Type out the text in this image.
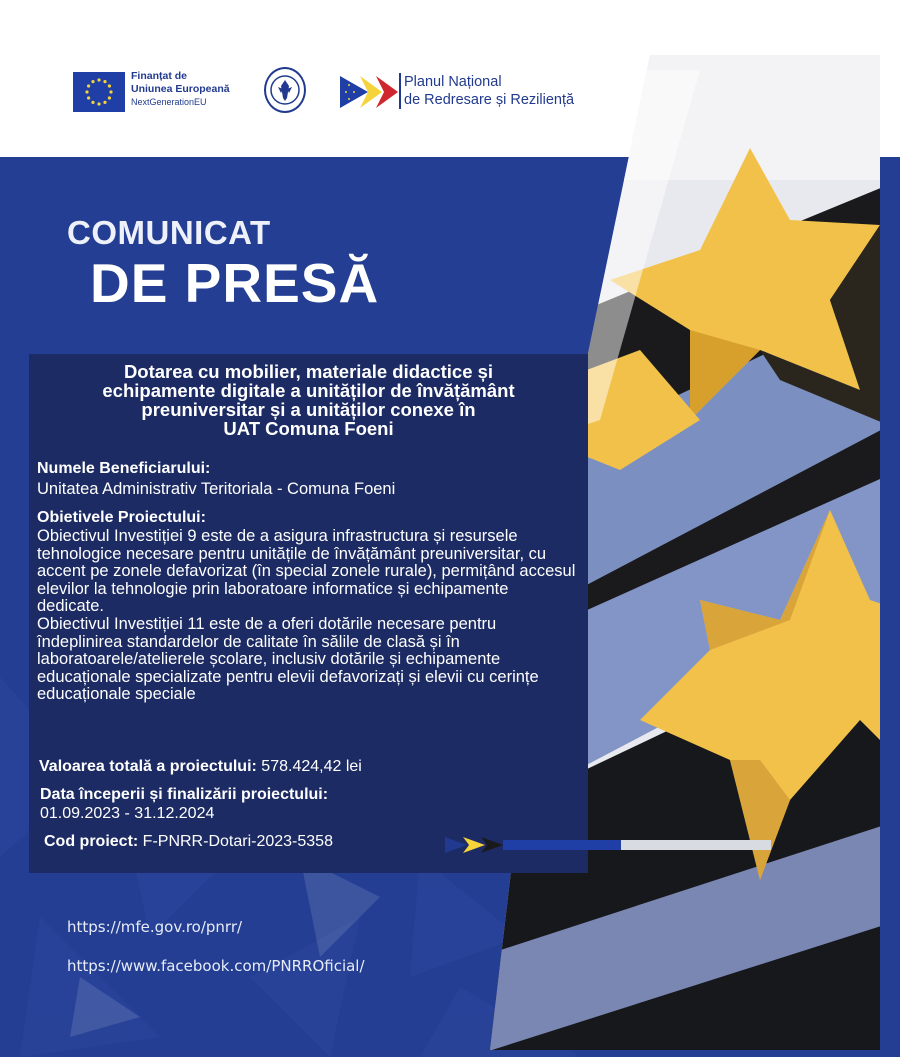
Finanțat de
Uniunea Europeană
NextGenerationEU
Planul Național
de Redresare și Reziliență
COMUNICAT
DE PRESĂ
Dotarea cu mobilier, materiale didactice și
echipamente digitale a unităților de învățământ
preuniversitar și a unităților conexe în
UAT Comuna Foeni
Numele Beneficiarului:
Unitatea Administrativ Teritoriala - Comuna Foeni
Obietivele Proiectului:

Obiectivul Investiției 9 este de a asigura infrastructura și resursele tehnologice necesare pentru unitățile de învățământ preuniversitar, cu accent pe zonele defavorizat (în special zonele rurale), permițând accesul elevilor la tehnologie prin laboratoare informatice și echipamente dedicate.

Obiectivul Investiției 11 este de a oferi dotările necesare pentru îndeplinirea standardelor de calitate în sălile de clasă și în laboratoarele/atelierele școlare, inclusiv dotările și echipamente educaționale specializate pentru elevii defavorizați și elevii cu cerințe educaționale speciale

Valoarea totală a proiectului: 578.424,42 lei
Data începerii și finalizării proiectului:
01.09.2023 - 31.12.2024
Cod proiect: F-PNRR-Dotari-2023-5358
https://mfe.gov.ro/pnrr/
https://www.facebook.com/PNRROficial/
